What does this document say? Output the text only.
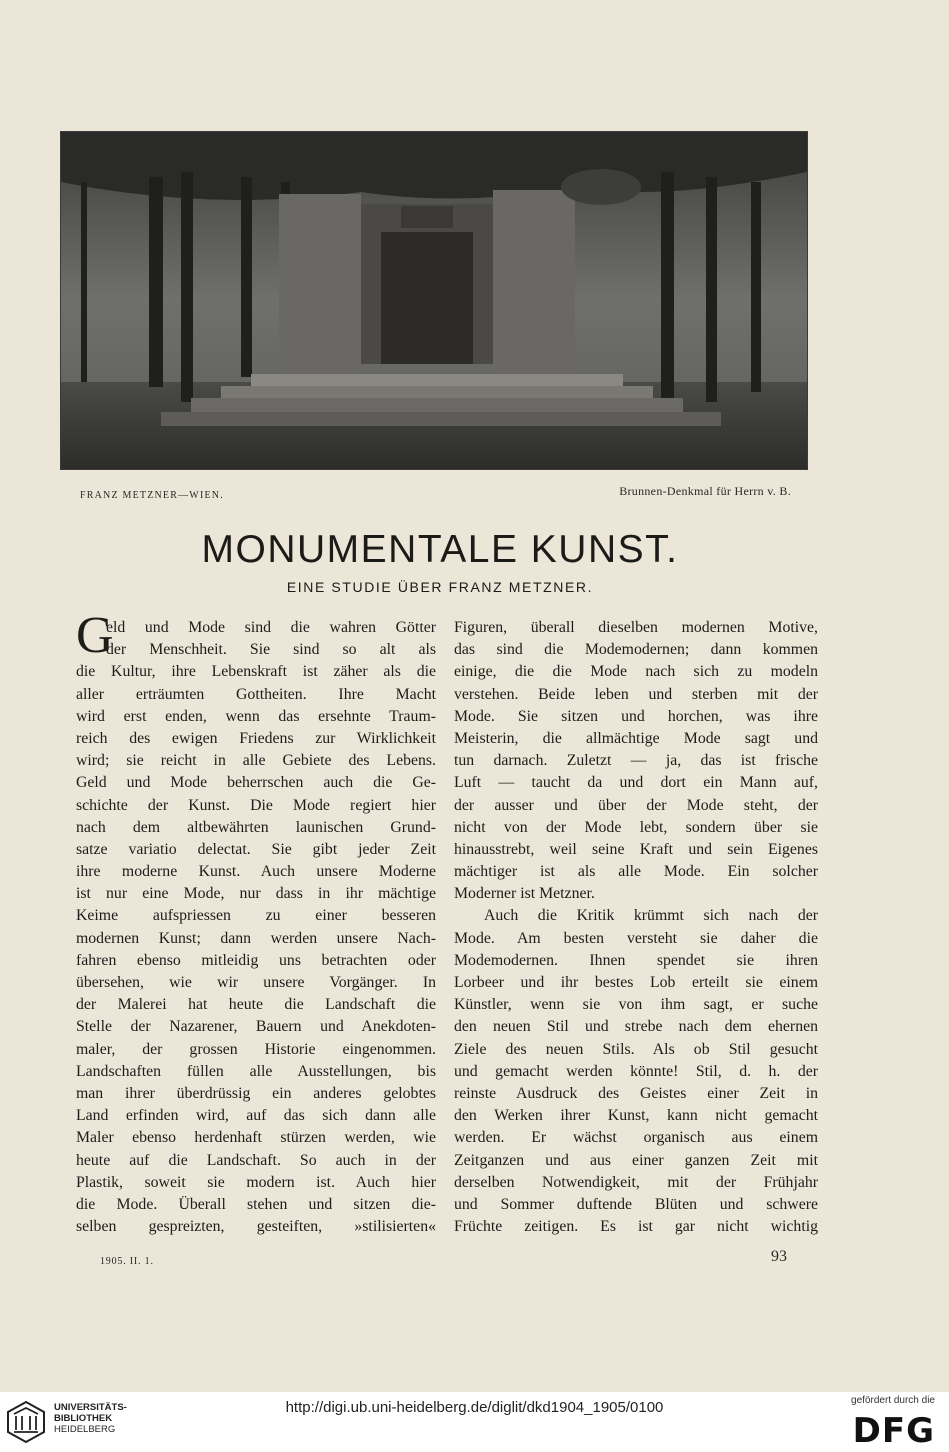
FRANZ METZNER—WIEN.	Brunnen-Denkmal für Herrn v. B.
MONUMENTALE KUNST.
EINE STUDIE ÜBER FRANZ METZNER.
G
eld und Mode sind die wahren Götter
der Menschheit. Sie sind so alt als
die Kultur, ihre Lebenskraft ist zäher als die
aller erträumten Gottheiten. Ihre Macht
wird erst enden, wenn das ersehnte Traum-
reich des ewigen Friedens zur Wirklichkeit
wird; sie reicht in alle Gebiete des Lebens.
Geld und Mode beherrschen auch die Ge-
schichte der Kunst. Die Mode regiert hier
nach dem altbewährten launischen Grund-
satze variatio delectat. Sie gibt jeder Zeit
ihre moderne Kunst. Auch unsere Moderne
ist nur eine Mode, nur dass in ihr mächtige
Keime aufspriessen zu einer besseren
modernen Kunst; dann werden unsere Nach-
fahren ebenso mitleidig uns betrachten oder
übersehen, wie wir unsere Vorgänger. In
der Malerei hat heute die Landschaft die
Stelle der Nazarener, Bauern und Anekdoten-
maler, der grossen Historie eingenommen.
Landschaften füllen alle Ausstellungen, bis
man ihrer überdrüssig ein anderes gelobtes
Land erfinden wird, auf das sich dann alle
Maler ebenso herdenhaft stürzen werden, wie
heute auf die Landschaft. So auch in der
Plastik, soweit sie modern ist. Auch hier
die Mode. Überall stehen und sitzen die-
selben gespreizten, gesteiften, »stilisierten«
Figuren, überall dieselben modernen Motive,
das sind die Modemodernen; dann kommen
einige, die die Mode nach sich zu modeln
verstehen. Beide leben und sterben mit der
Mode. Sie sitzen und horchen, was ihre
Meisterin, die allmächtige Mode sagt und
tun darnach. Zuletzt — ja, das ist frische
Luft — taucht da und dort ein Mann auf,
der ausser und über der Mode steht, der
nicht von der Mode lebt, sondern über sie
hinausstrebt, weil seine Kraft und sein Eigenes
mächtiger ist als alle Mode. Ein solcher
Moderner ist Metzner.
Auch die Kritik krümmt sich nach der
Mode. Am besten versteht sie daher die
Modemodernen. Ihnen spendet sie ihren
Lorbeer und ihr bestes Lob erteilt sie einem
Künstler, wenn sie von ihm sagt, er suche
den neuen Stil und strebe nach dem ehernen
Ziele des neuen Stils. Als ob Stil gesucht
und gemacht werden könnte! Stil, d. h. der
reinste Ausdruck des Geistes einer Zeit in
den Werken ihrer Kunst, kann nicht gemacht
werden. Er wächst organisch aus einem
Zeitganzen und aus einer ganzen Zeit mit
derselben Notwendigkeit, mit der Frühjahr
und Sommer duftende Blüten und schwere
Früchte zeitigen. Es ist gar nicht wichtig
1905. II. 1.	93
UNIVERSITÄTS-
BIBLIOTHEK
HEIDELBERG
http://digi.ub.uni-heidelberg.de/diglit/dkd1904_1905/0100	gefördert durch die
DFG
